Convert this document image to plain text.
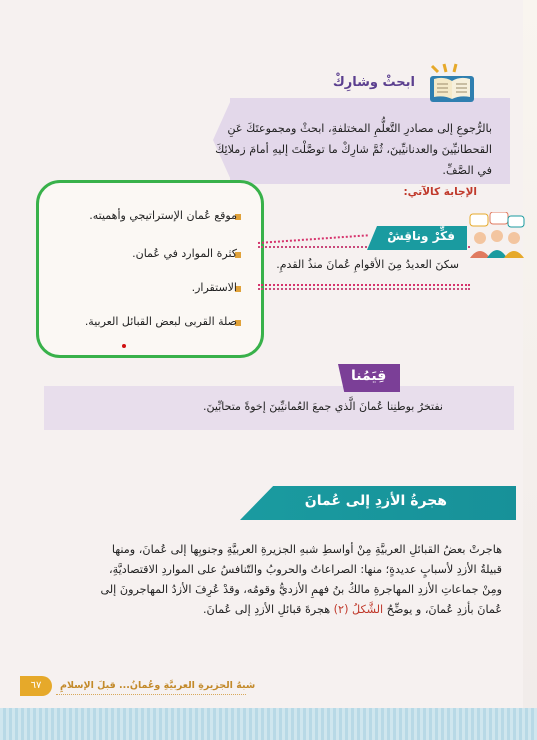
ابحثْ وشارِكْ
بالرُّجوعِ إلى مصادرِ التَّعلُّمِ المختلفةِ، ابحثْ ومجموعتَكَ عَنِ
القحطانيِّينَ والعدنانيِّينَ، ثُمَّ شارِكْ ما توصَّلْتَ إليهِ أمامَ زملائِكَ
في الصَّفِّ.
الإجابة كالآتي:
موقع عُمان الإستراتيجي وأهميته.
كثرة الموارد في عُمان.
الاستقرار.
صلة القربى لبعض القبائل العربية.
فكِّرْ وناقِشْ
سكنَ العديدُ مِنَ الأقوامِ عُمانَ منذُ القدمِ.
قِيَمُنا
نفتخرُ بوطنِنا عُمانَ الَّذي جمعَ العُمانيِّينَ إخوةً متحابِّينَ.
هجرةُ الأزدِ إلى عُمانَ
هاجرتْ بعضُ القبائلِ العربيَّةِ مِنْ أواسطِ شبهِ الجزيرةِ العربيَّةِ وجنوبِها إلى عُمانَ، ومنها
قبيلةُ الأزدِ لأسبابٍ عديدةٍ؛ منها: الصراعاتُ والحروبُ والتّنافسُ على المواردِ الاقتصاديَّةِ،
ومِنْ جماعاتِ الأزدِ المهاجرةِ مالكُ بنُ فهمِ الأزديُّ وقومُه، وقدْ عُرِفَ الأزدُ المهاجرونَ إلى
عُمانَ بأزدِ عُمانَ، و يوضِّحُ الشَّكلُ (٢) هجرةَ قبائلِ الأزدِ إلى عُمانَ.
٦٧	شبهُ الجزيرةِ العربيَّةِ وعُمانُ... قبلَ الإسلامِ
